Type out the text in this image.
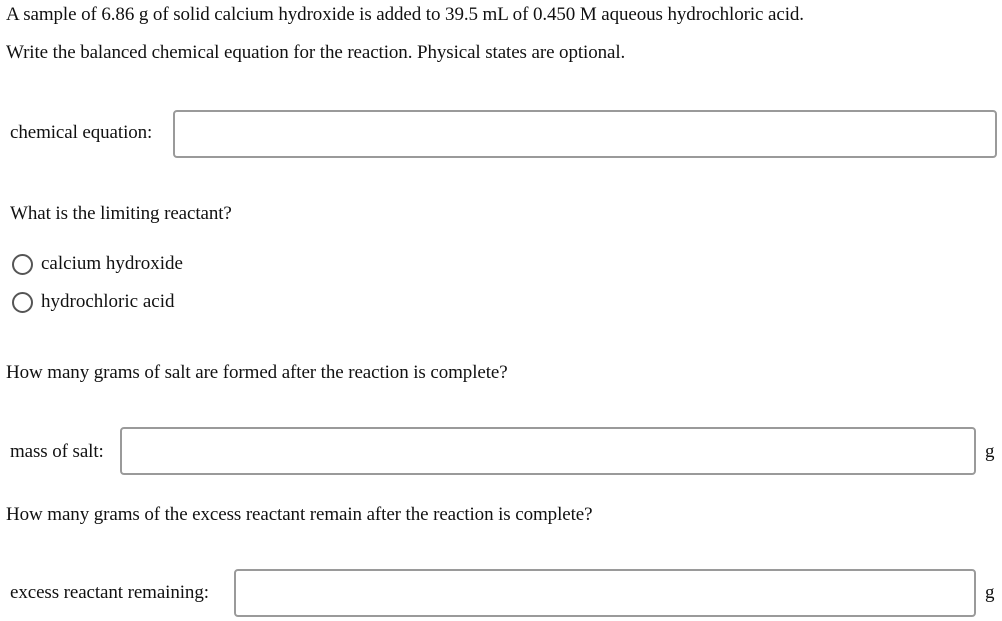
A sample of 6.86 g of solid calcium hydroxide is added to 39.5 mL of 0.450 M aqueous hydrochloric acid.
Write the balanced chemical equation for the reaction. Physical states are optional.
chemical equation:
What is the limiting reactant?
calcium hydroxide
hydrochloric acid
How many grams of salt are formed after the reaction is complete?
mass of salt:	g
How many grams of the excess reactant remain after the reaction is complete?
excess reactant remaining:	g
